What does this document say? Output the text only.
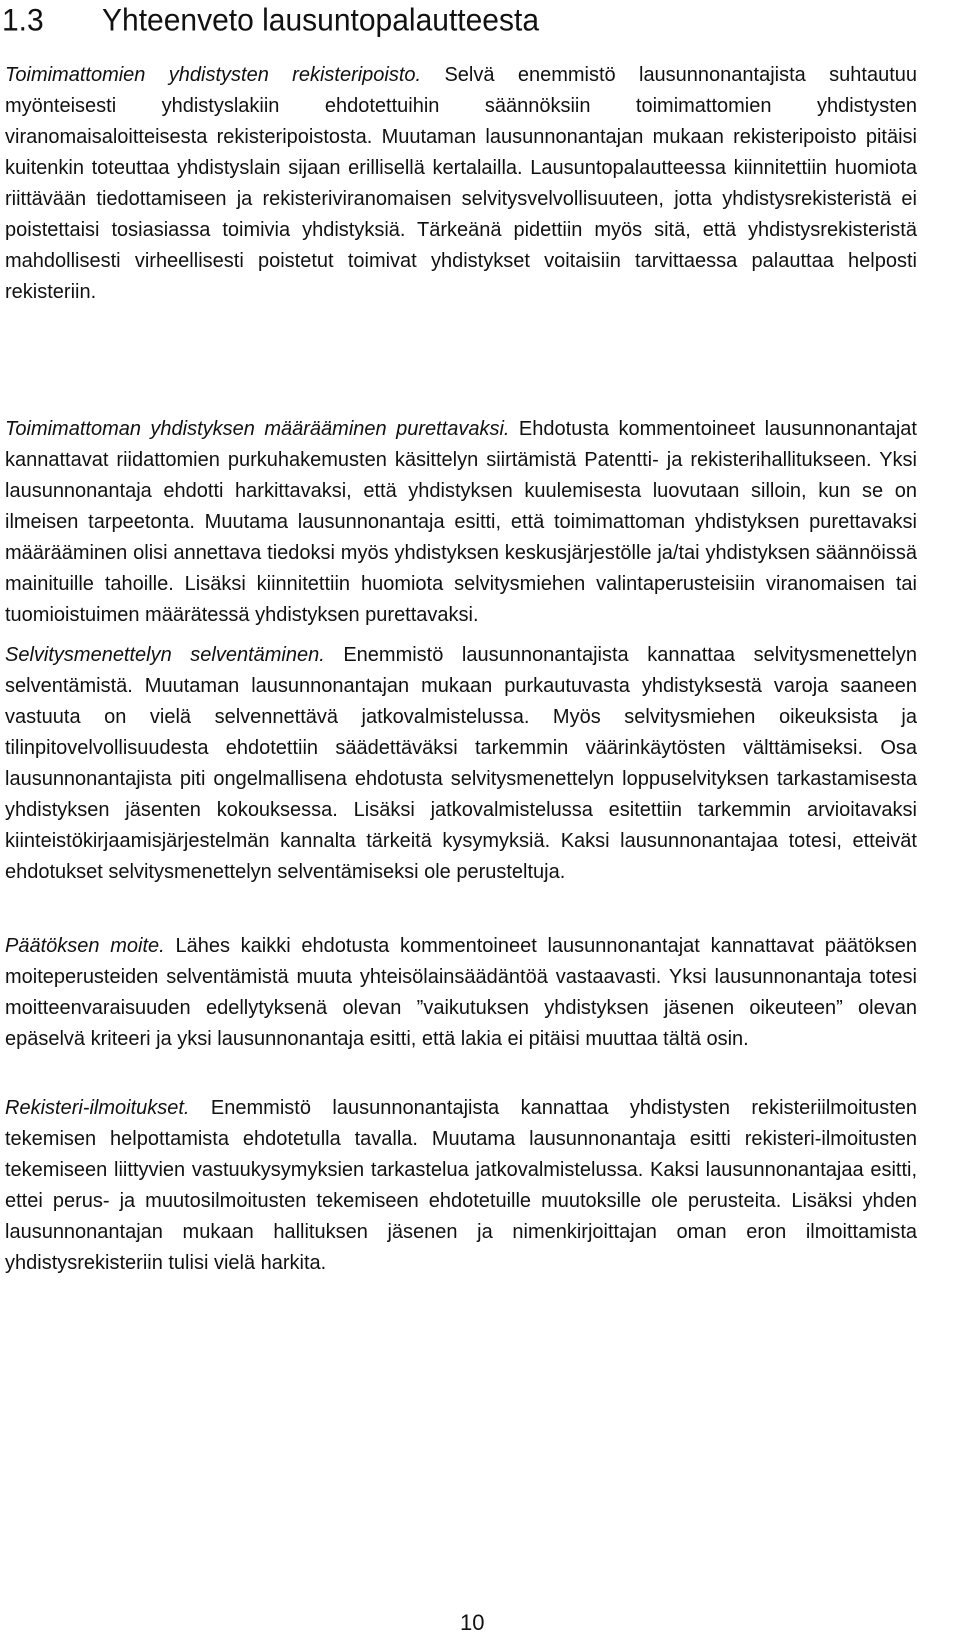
1.3 Yhteenveto lausuntopalautteesta

Toimimattomien yhdistysten rekisteripoisto. Selvä enemmistö lausunnonantajista suhtautuu myönteisesti yhdistyslakiin ehdotettuihin säännöksiin toimimattomien yhdistysten viranomaisaloitteisesta rekisteripoistosta. Muutaman lausunnonantajan mukaan rekisteripoisto pitäisi kuitenkin toteuttaa yhdistyslain sijaan erillisellä kertalailla. Lausuntopalautteessa kiinnitettiin huomiota riittävään tiedottamiseen ja rekisteriviranomaisen selvitysvelvollisuuteen, jotta yhdistysrekisteristä ei poistettaisi tosiasiassa toimivia yhdistyksiä. Tärkeänä pidettiin myös sitä, että yhdistysrekisteristä mahdollisesti virheellisesti poistetut toimivat yhdistykset voitaisiin tarvittaessa palauttaa helposti rekisteriin.

Toimimattoman yhdistyksen määrääminen purettavaksi. Ehdotusta kommentoineet lausunnonantajat kannattavat riidattomien purkuhakemusten käsittelyn siirtämistä Patentti- ja rekisterihallitukseen. Yksi lausunnonantaja ehdotti harkittavaksi, että yhdistyksen kuulemisesta luovutaan silloin, kun se on ilmeisen tarpeetonta. Muutama lausunnonantaja esitti, että toimimattoman yhdistyksen purettavaksi määrääminen olisi annettava tiedoksi myös yhdistyksen keskusjärjestölle ja/tai yhdistyksen säännöissä mainituille tahoille. Lisäksi kiinnitettiin huomiota selvitysmiehen valintaperusteisiin viranomaisen tai tuomioistuimen määrätessä yhdistyksen purettavaksi.

Selvitysmenettelyn selventäminen. Enemmistö lausunnonantajista kannattaa selvitysmenettelyn selventämistä. Muutaman lausunnonantajan mukaan purkautuvasta yhdistyksestä varoja saaneen vastuuta on vielä selvennettävä jatkovalmistelussa. Myös selvitysmiehen oikeuksista ja tilinpitovelvollisuudesta ehdotettiin säädettäväksi tarkemmin väärinkäytösten välttämiseksi. Osa lausunnonantajista piti ongelmallisena ehdotusta selvitysmenettelyn loppuselvityksen tarkastamisesta yhdistyksen jäsenten kokouksessa. Lisäksi jatkovalmistelussa esitettiin tarkemmin arvioitavaksi kiinteistökirjaamisjärjestelmän kannalta tärkeitä kysymyksiä. Kaksi lausunnonantajaa totesi, etteivät ehdotukset selvitysmenettelyn selventämiseksi ole perusteltuja.

Päätöksen moite. Lähes kaikki ehdotusta kommentoineet lausunnonantajat kannattavat päätöksen moiteperusteiden selventämistä muuta yhteisölainsäädäntöä vastaavasti. Yksi lausunnonantaja totesi moitteenvaraisuuden edellytyksenä olevan ”vaikutuksen yhdistyksen jäsenen oikeuteen” olevan epäselvä kriteeri ja yksi lausunnonantaja esitti, että lakia ei pitäisi muuttaa tältä osin.

Rekisteri-ilmoitukset. Enemmistö lausunnonantajista kannattaa yhdistysten rekisteriilmoitusten tekemisen helpottamista ehdotetulla tavalla. Muutama lausunnonantaja esitti rekisteri-ilmoitusten tekemiseen liittyvien vastuukysymyksien tarkastelua jatkovalmistelussa. Kaksi lausunnonantajaa esitti, ettei perus- ja muutosilmoitusten tekemiseen ehdotetuille muutoksille ole perusteita. Lisäksi yhden lausunnonantajan mukaan hallituksen jäsenen ja nimenkirjoittajan oman eron ilmoittamista yhdistysrekisteriin tulisi vielä harkita.

10
